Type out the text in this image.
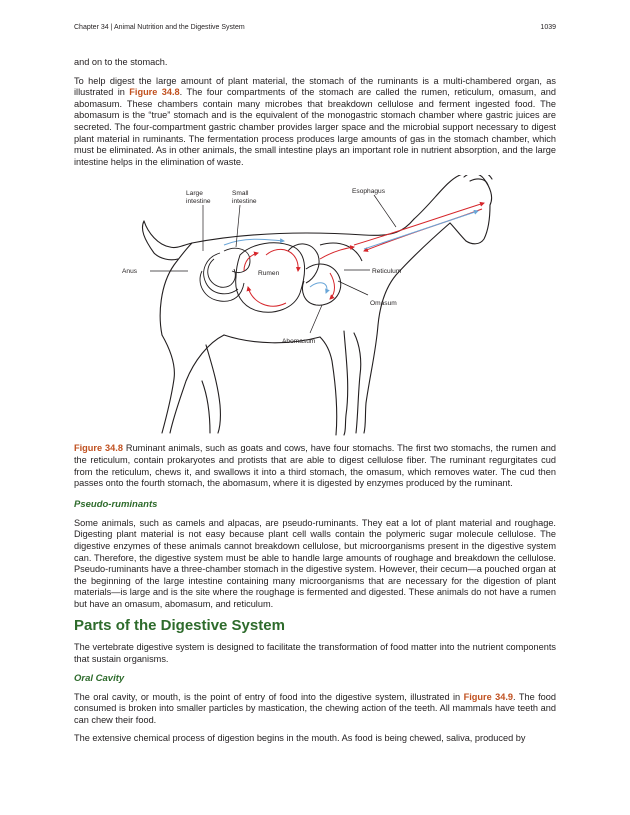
Chapter 34 | Animal Nutrition and the Digestive System	1039

and on to the stomach.

To help digest the large amount of plant material, the stomach of the ruminants is a multi-chambered organ, as illustrated in Figure 34.8. The four compartments of the stomach are called the rumen, reticulum, omasum, and abomasum. These chambers contain many microbes that breakdown cellulose and ferment ingested food. The abomasum is the “true” stomach and is the equivalent of the monogastric stomach chamber where gastric juices are secreted. The four-compartment gastric chamber provides larger space and the microbial support necessary to digest plant material in ruminants. The fermentation process produces large amounts of gas in the stomach chamber, which must be eliminated. As in other animals, the small intestine plays an important role in nutrient absorption, and the large intestine helps in the elimination of waste.

Large
intestine
Small
intestine
Esophagus
Anus	Rumen	Reticulum
Omasum
Abomasum

Figure 34.8 Ruminant animals, such as goats and cows, have four stomachs. The first two stomachs, the rumen and the reticulum, contain prokaryotes and protists that are able to digest cellulose fiber. The ruminant regurgitates cud from the reticulum, chews it, and swallows it into a third stomach, the omasum, which removes water. The cud then passes onto the fourth stomach, the abomasum, where it is digested by enzymes produced by the ruminant.

Pseudo-ruminants

Some animals, such as camels and alpacas, are pseudo-ruminants. They eat a lot of plant material and roughage. Digesting plant material is not easy because plant cell walls contain the polymeric sugar molecule cellulose. The digestive enzymes of these animals cannot breakdown cellulose, but microorganisms present in the digestive system can. Therefore, the digestive system must be able to handle large amounts of roughage and breakdown the cellulose. Pseudo-ruminants have a three-chamber stomach in the digestive system. However, their cecum—a pouched organ at the beginning of the large intestine containing many microorganisms that are necessary for the digestion of plant materials—is large and is the site where the roughage is fermented and digested. These animals do not have a rumen but have an omasum, abomasum, and reticulum.

Parts of the Digestive System

The vertebrate digestive system is designed to facilitate the transformation of food matter into the nutrient components that sustain organisms.

Oral Cavity

The oral cavity, or mouth, is the point of entry of food into the digestive system, illustrated in Figure 34.9. The food consumed is broken into smaller particles by mastication, the chewing action of the teeth. All mammals have teeth and can chew their food.

The extensive chemical process of digestion begins in the mouth. As food is being chewed, saliva, produced by
